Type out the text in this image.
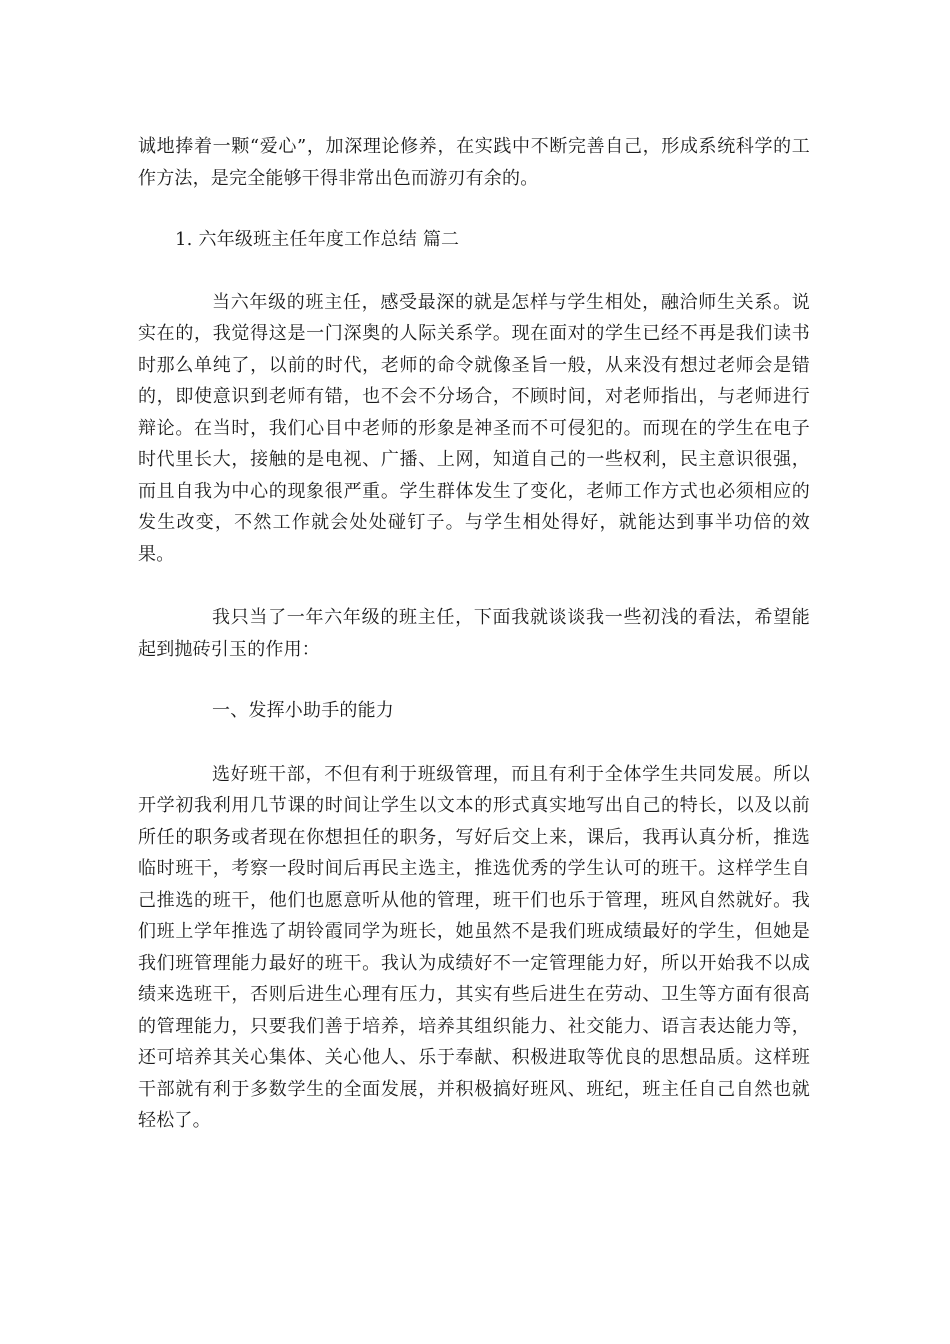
诚地捧着一颗“爱心”，加深理论修养，在实践中不断完善自己，形成系统科学的工作方法，是完全能够干得非常出色而游刃有余的。

1. 六年级班主任年度工作总结 篇二

当六年级的班主任，感受最深的就是怎样与学生相处，融洽师生关系。说实在的，我觉得这是一门深奥的人际关系学。现在面对的学生已经不再是我们读书时那么单纯了，以前的时代，老师的命令就像圣旨一般，从来没有想过老师会是错的，即使意识到老师有错，也不会不分场合，不顾时间，对老师指出，与老师进行辩论。在当时，我们心目中老师的形象是神圣而不可侵犯的。而现在的学生在电子时代里长大，接触的是电视、广播、上网，知道自己的一些权利，民主意识很强，而且自我为中心的现象很严重。学生群体发生了变化，老师工作方式也必须相应的发生改变，不然工作就会处处碰钉子。与学生相处得好，就能达到事半功倍的效果。

我只当了一年六年级的班主任，下面我就谈谈我一些初浅的看法，希望能起到抛砖引玉的作用：

一、发挥小助手的能力

选好班干部，不但有利于班级管理，而且有利于全体学生共同发展。所以开学初我利用几节课的时间让学生以文本的形式真实地写出自己的特长，以及以前所任的职务或者现在你想担任的职务，写好后交上来，课后，我再认真分析，推选临时班干，考察一段时间后再民主选主，推选优秀的学生认可的班干。这样学生自己推选的班干，他们也愿意听从他的管理，班干们也乐于管理，班风自然就好。我们班上学年推选了胡铃霞同学为班长，她虽然不是我们班成绩最好的学生，但她是我们班管理能力最好的班干。我认为成绩好不一定管理能力好，所以开始我不以成绩来选班干，否则后进生心理有压力，其实有些后进生在劳动、卫生等方面有很高的管理能力，只要我们善于培养，培养其组织能力、社交能力、语言表达能力等，还可培养其关心集体、关心他人、乐于奉献、积极进取等优良的思想品质。这样班干部就有利于多数学生的全面发展，并积极搞好班风、班纪，班主任自己自然也就轻松了。
